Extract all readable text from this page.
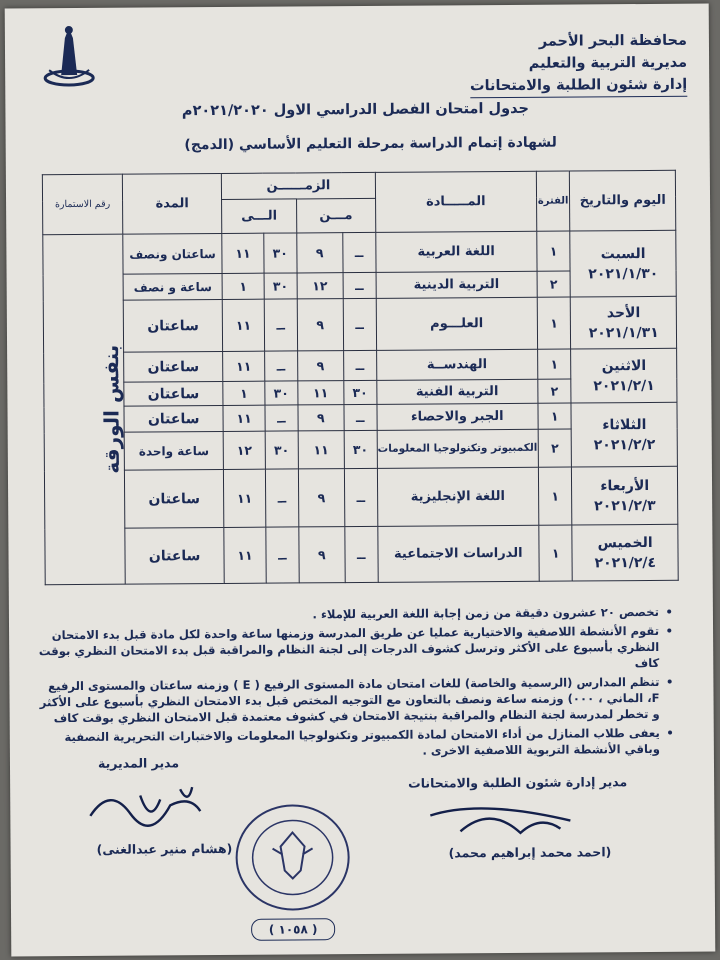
محافظة البحر الأحمر
مديرية التربية والتعليم
إدارة شئون الطلبة والامتحانات
جدول امتحان الفصل الدراسي الاول ٢٠٢١/٢٠٢٠م
لشهادة إتمام الدراسة بمرحلة التعليم الأساسي (الدمج)
اليوم والتاريخ	الفترة	المـــــادة	الزمــــــن				المدة	رقم الاستمارة
			مـــن		الـــى			

السبت
٢٠٢١/١/٣٠	١	اللغة العربية	ــ	٩	٣٠	١١	ساعتان ونصف	بنفس الورقة

	٢	التربية الدينية	ــ	١٢	٣٠	١	ساعة و نصف	

الأحد
٢٠٢١/١/٣١	١	العلـــوم	ــ	٩	ــ	١١	ساعتان	

الاثنين
٢٠٢١/٢/١	١	الهندســة	ــ	٩	ــ	١١	ساعتان	
	٢	التربية الفنية	٣٠	١١	٣٠	١	ساعتان	

الثلاثاء
٢٠٢١/٢/٢	١	الجبر والاحصاء	ــ	٩	ــ	١١	ساعتان	
	٢	الكمبيوتر وتكنولوجيا المعلومات	٣٠	١١	٣٠	١٢	ساعة واحدة	

الأربعاء
٢٠٢١/٢/٣	١	اللغة الإنجليزية	ــ	٩	ــ	١١	ساعتان	

الخميس
٢٠٢١/٢/٤	١	الدراسات الاجتماعية	ــ	٩	ــ	١١	ساعتان	
• تخصص ٢٠ عشرون دقيقة من زمن إجابة اللغة العربية للإملاء .
• تقوم الأنشطة اللاصفية والاختيارية عمليا عن طريق المدرسة وزمنها ساعة واحدة لكل مادة قبل بدء الامتحان النظري بأسبوع على الأكثر وترسل كشوف الدرجات إلى لجنة النظام والمراقبة قبل بدء الامتحان النظري بوقت كاف
• تنظم المدارس (الرسمية والخاصة) للغات امتحان مادة المستوى الرفيع ( E ) وزمنه ساعتان والمستوى الرفيع F، الماني ، ٠٠٠) وزمنه ساعة ونصف بالتعاون مع التوجيه المختص قبل بدء الامتحان النظري بأسبوع على الأكثر و تخطر لمدرسة لجنة النظام والمراقبة بنتيجة الامتحان في كشوف معتمدة قبل الامتحان النظري بوقت كاف
• يعفى طلاب المنازل من أداء الامتحان لمادة الكمبيوتر وتكنولوجيا المعلومات والاختبارات التحريرية النصفية وباقي الأنشطة التربوية اللاصفية الاخرى .
مدير المديرية
(هشام منير عبدالغنى)
مدير إدارة شئون الطلبة والامتحانات
(احمد محمد إبراهيم محمد)
( ١٠٥٨ )
